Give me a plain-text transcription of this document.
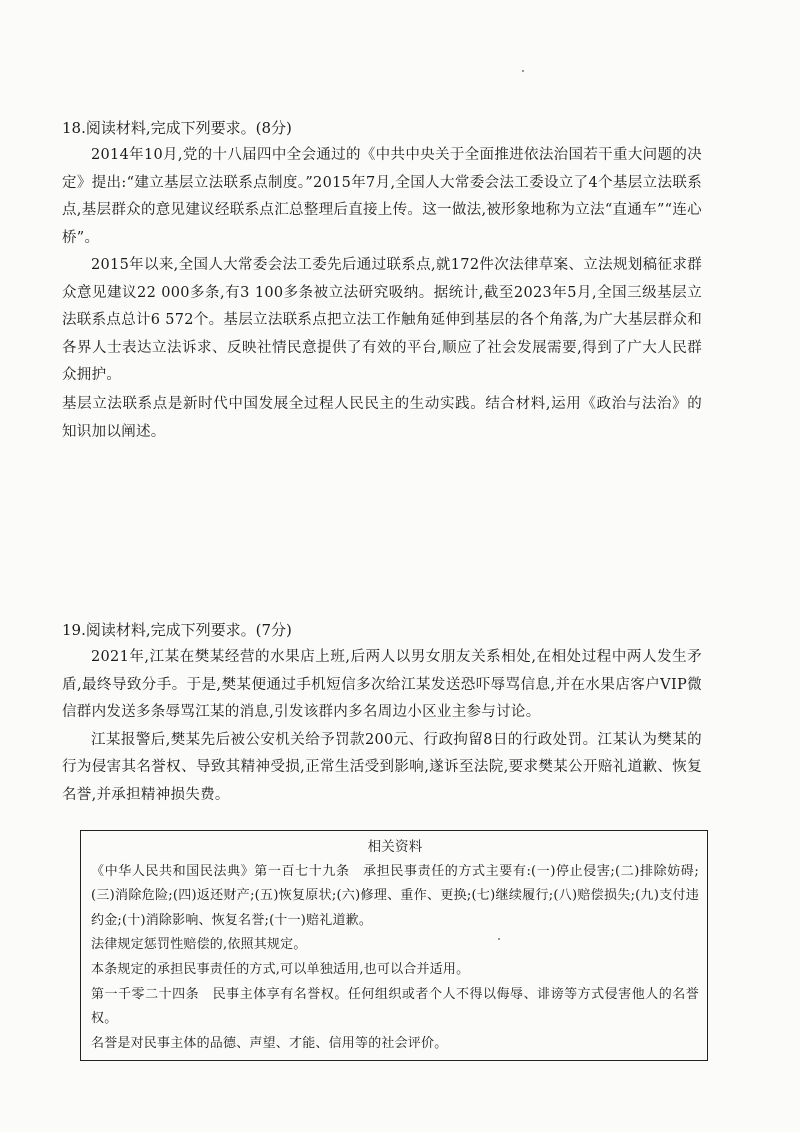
18.阅读材料,完成下列要求。(8分)

2014年10月,党的十八届四中全会通过的《中共中央关于全面推进依法治国若干重大问题的决定》提出:“建立基层立法联系点制度。”2015年7月,全国人大常委会法工委设立了4个基层立法联系点,基层群众的意见建议经联系点汇总整理后直接上传。这一做法,被形象地称为立法“直通车”“连心桥”。

2015年以来,全国人大常委会法工委先后通过联系点,就172件次法律草案、立法规划稿征求群众意见建议22 000多条,有3 100多条被立法研究吸纳。据统计,截至2023年5月,全国三级基层立法联系点总计6 572个。基层立法联系点把立法工作触角延伸到基层的各个角落,为广大基层群众和各界人士表达立法诉求、反映社情民意提供了有效的平台,顺应了社会发展需要,得到了广大人民群众拥护。

基层立法联系点是新时代中国发展全过程人民民主的生动实践。结合材料,运用《政治与法治》的知识加以阐述。

19.阅读材料,完成下列要求。(7分)

2021年,江某在樊某经营的水果店上班,后两人以男女朋友关系相处,在相处过程中两人发生矛盾,最终导致分手。于是,樊某便通过手机短信多次给江某发送恐吓辱骂信息,并在水果店客户VIP微信群内发送多条辱骂江某的消息,引发该群内多名周边小区业主参与讨论。

江某报警后,樊某先后被公安机关给予罚款200元、行政拘留8日的行政处罚。江某认为樊某的行为侵害其名誉权、导致其精神受损,正常生活受到影响,遂诉至法院,要求樊某公开赔礼道歉、恢复名誉,并承担精神损失费。

相关资料

《中华人民共和国民法典》第一百七十九条　承担民事责任的方式主要有:(一)停止侵害;(二)排除妨碍;(三)消除危险;(四)返还财产;(五)恢复原状;(六)修理、重作、更换;(七)继续履行;(八)赔偿损失;(九)支付违约金;(十)消除影响、恢复名誉;(十一)赔礼道歉。

法律规定惩罚性赔偿的,依照其规定。

本条规定的承担民事责任的方式,可以单独适用,也可以合并适用。

第一千零二十四条　民事主体享有名誉权。任何组织或者个人不得以侮辱、诽谤等方式侵害他人的名誉权。

名誉是对民事主体的品德、声望、才能、信用等的社会评价。
